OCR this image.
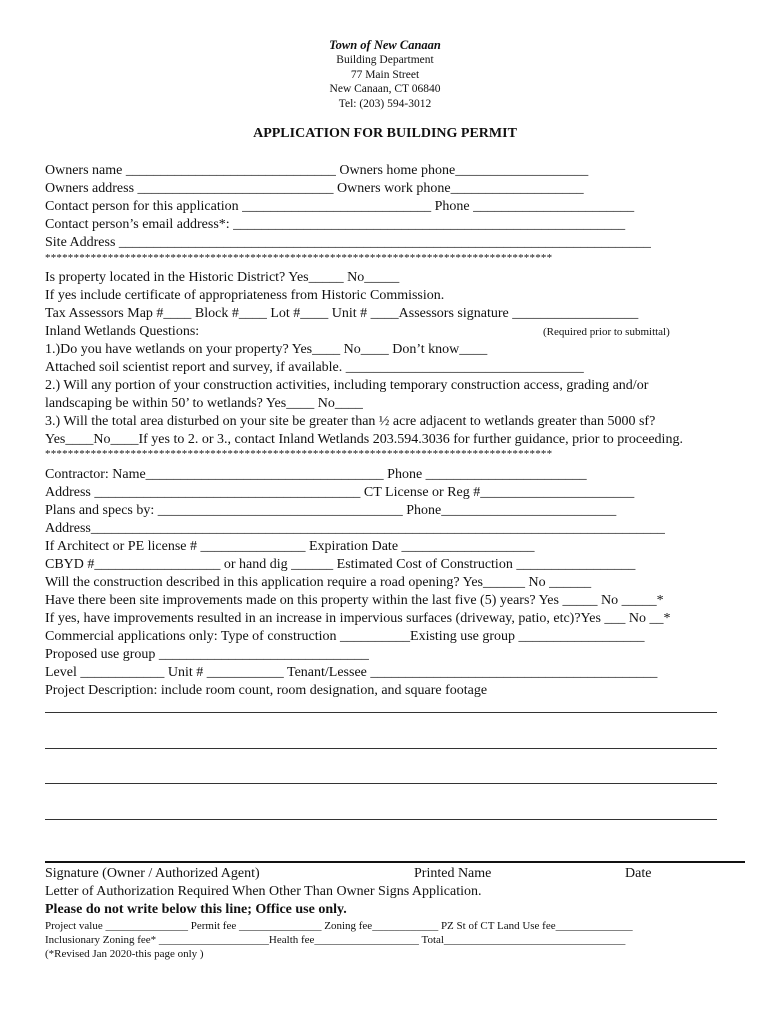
Town of New Canaan
Building Department
77 Main Street
New Canaan, CT 06840
Tel: (203) 594-3012
APPLICATION FOR BUILDING PERMIT
Owners name ______________________________ Owners home phone___________________
Owners address ____________________________ Owners work phone___________________
Contact person for this application ___________________________ Phone _______________________
Contact person’s email address*: ________________________________________________________
Site Address ____________________________________________________________________________
*****************************************************************************************
Is property located in the Historic District? Yes_____ No_____
If yes include certificate of appropriateness from Historic Commission.
Tax Assessors Map #____ Block #____ Lot #____ Unit # ____Assessors signature __________________
Inland Wetlands Questions:	(Required prior to submittal)
1.)Do you have wetlands on your property? Yes____ No____ Don’t know____
Attached soil scientist report and survey, if available. __________________________________
2.) Will any portion of your construction activities, including temporary construction access, grading and/or
landscaping be within 50’ to wetlands? Yes____ No____
3.) Will the total area disturbed on your site be greater than ½ acre adjacent to wetlands greater than 5000 sf?
Yes____No____If yes to 2. or 3., contact Inland Wetlands 203.594.3036 for further guidance, prior to proceeding.
*****************************************************************************************
Contractor: Name__________________________________ Phone _______________________
Address ______________________________________ CT License or Reg #______________________
Plans and specs by: ___________________________________ Phone_________________________
Address__________________________________________________________________________________
If Architect or PE license # _______________ Expiration Date ___________________
CBYD #__________________ or hand dig ______ Estimated Cost of Construction _________________
Will the construction described in this application require a road opening? Yes______ No ______
Have there been site improvements made on this property within the last five (5) years? Yes _____ No _____*
If yes, have improvements resulted in an increase in impervious surfaces (driveway, patio, etc)?Yes ___ No __*
Commercial applications only: Type of construction __________Existing use group __________________
Proposed use group ______________________________
Level ____________ Unit # ___________ Tenant/Lessee _________________________________________
Project Description: include room count, room designation, and square footage
Signature (Owner / Authorized Agent)	Printed Name	Date
Letter of Authorization Required When Other Than Owner Signs Application.
Please do not write below this line; Office use only.
Project value _______________ Permit fee _______________ Zoning fee____________ PZ St of CT Land Use fee______________
Inclusionary Zoning fee* ____________________Health fee___________________ Total_________________________________
(*Revised Jan 2020-this page only )
